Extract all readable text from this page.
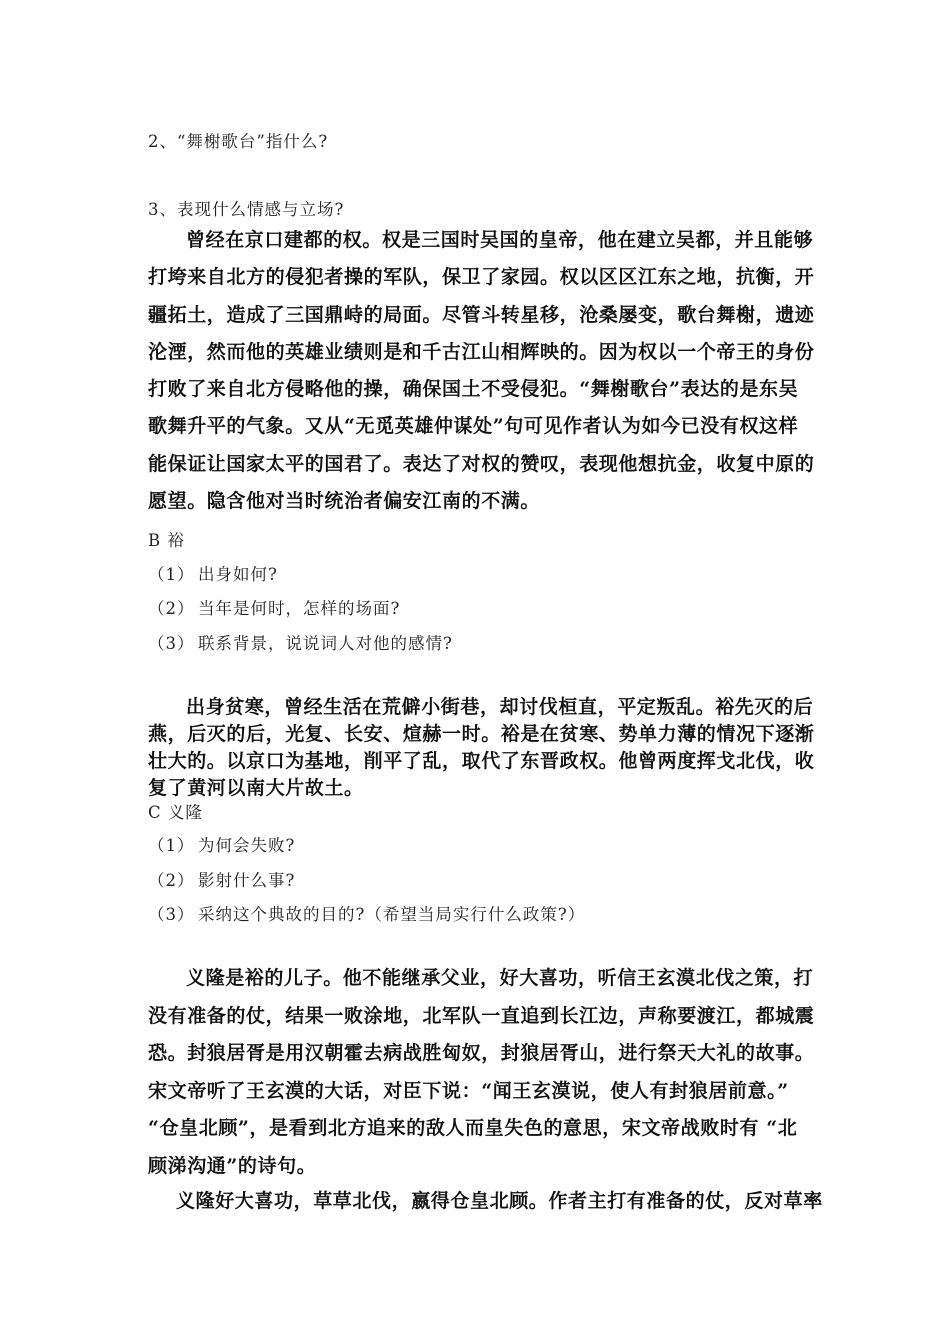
2、“舞榭歌台”指什么?
3、表现什么情感与立场?
曾经在京口建都的权。权是三国时吴国的皇帝，他在建立吴都，并且能够
打垮来自北方的侵犯者操的军队，保卫了家园。权以区区江东之地，抗衡，开
疆拓土，造成了三国鼎峙的局面。尽管斗转星移，沧桑屡变，歌台舞榭，遗迹
沦湮，然而他的英雄业绩则是和千古江山相辉映的。因为权以一个帝王的身份
打败了来自北方侵略他的操，确保国土不受侵犯。“舞榭歌台”表达的是东吴
歌舞升平的气象。又从“无觅英雄仲谋处”句可见作者认为如今已没有权这样
能保证让国家太平的国君了。表达了对权的赞叹，表现他想抗金，收复中原的
愿望。隐含他对当时统治者偏安江南的不满。
B 裕
（1） 出身如何?
（2） 当年是何时，怎样的场面?
（3） 联系背景，说说词人对他的感情?
出身贫寒，曾经生活在荒僻小街巷，却讨伐桓直，平定叛乱。裕先灭的后
燕，后灭的后，光复、长安、煊赫一时。裕是在贫寒、势单力薄的情况下逐渐
壮大的。以京口为基地，削平了乱，取代了东晋政权。他曾两度挥戈北伐，收
复了黄河以南大片故土。
C 义隆
（1） 为何会失败?
（2） 影射什么事?
（3） 采纳这个典故的目的?（希望当局实行什么政策?）
义隆是裕的儿子。他不能继承父业，好大喜功，听信王玄漠北伐之策，打
没有准备的仗，结果一败涂地，北军队一直追到长江边，声称要渡江，都城震
恐。封狼居胥是用汉朝霍去病战胜匈奴，封狼居胥山，进行祭天大礼的故事。
宋文帝听了王玄漠的大话，对臣下说：“闻王玄漠说，使人有封狼居前意。”
“仓皇北顾”，是看到北方追来的敌人而皇失色的意思，宋文帝战败时有 “北
顾涕沟通”的诗句。
义隆好大喜功，草草北伐，嬴得仓皇北顾。作者主打有准备的仗，反对草率
